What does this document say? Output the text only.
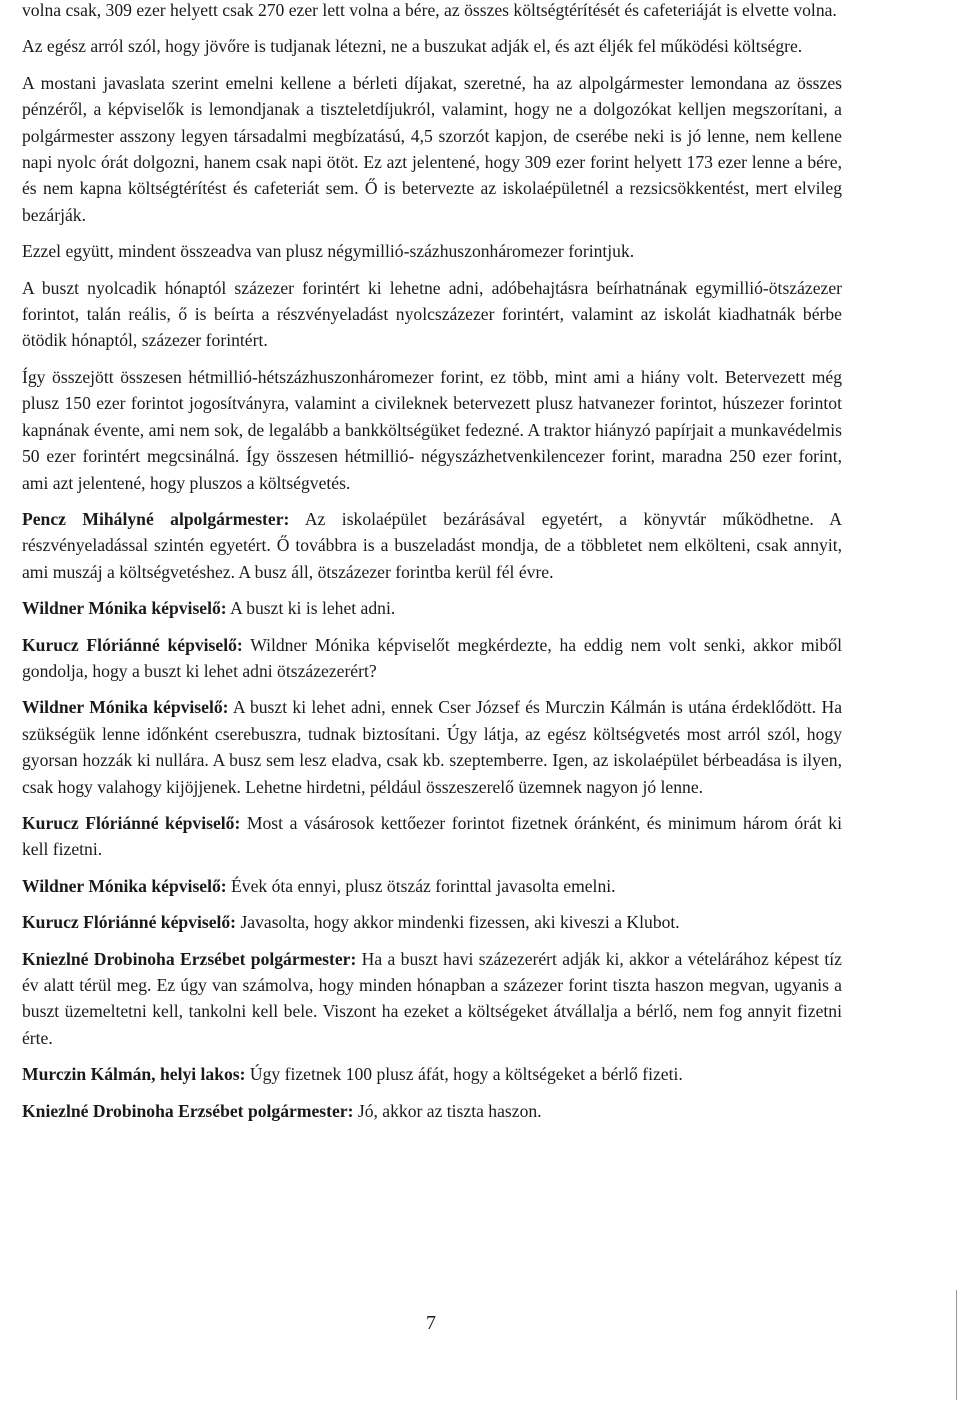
volna csak, 309 ezer helyett csak 270 ezer lett volna a bére, az összes költségtérítését és cafeteriáját is elvette volna.

Az egész arról szól, hogy jövőre is tudjanak létezni, ne a buszukat adják el, és azt éljék fel működési költségre.

A mostani javaslata szerint emelni kellene a bérleti díjakat, szeretné, ha az alpolgármester lemondana az összes pénzéről, a képviselők is lemondjanak a tiszteletdíjukról, valamint, hogy ne a dolgozókat kelljen megszorítani, a polgármester asszony legyen társadalmi megbízatású, 4,5 szorzót kapjon, de cserébe neki is jó lenne, nem kellene napi nyolc órát dolgozni, hanem csak napi ötöt. Ez azt jelentené, hogy 309 ezer forint helyett 173 ezer lenne a bére, és nem kapna költségtérítést és cafeteriát sem. Ő is betervezte az iskolaépületnél a rezsicsökkentést, mert elvileg bezárják.

Ezzel együtt, mindent összeadva van plusz négymillió-százhuszonháromezer forintjuk.

A buszt nyolcadik hónaptól százezer forintért ki lehetne adni, adóbehajtásra beírhatnának egymillió-ötszázezer forintot, talán reális, ő is beírta a részvényeladást nyolcszázezer forintért, valamint az iskolát kiadhatnák bérbe ötödik hónaptól, százezer forintért.

Így összejött összesen hétmillió-hétszázhuszonháromezer forint, ez több, mint ami a hiány volt. Betervezett még plusz 150 ezer forintot jogosítványra, valamint a civileknek betervezett plusz hatvanezer forintot, húszezer forintot kapnának évente, ami nem sok, de legalább a bankköltségüket fedezné. A traktor hiányzó papírjait a munkavédelmis 50 ezer forintért megcsinálná. Így összesen hétmillió- négyszázhetvenkilencezer forint, maradna 250 ezer forint, ami azt jelentené, hogy pluszos a költségvetés.

Pencz Mihályné alpolgármester: Az iskolaépület bezárásával egyetért, a könyvtár működhetne. A részvényeladással szintén egyetért. Ő továbbra is a buszeladást mondja, de a többletet nem elkölteni, csak annyit, ami muszáj a költségvetéshez. A busz áll, ötszázezer forintba kerül fél évre.

Wildner Mónika képviselő: A buszt ki is lehet adni.

Kurucz Flóriánné képviselő: Wildner Mónika képviselőt megkérdezte, ha eddig nem volt senki, akkor miből gondolja, hogy a buszt ki lehet adni ötszázezerért?

Wildner Mónika képviselő: A buszt ki lehet adni, ennek Cser József és Murczin Kálmán is utána érdeklődött. Ha szükségük lenne időnként cserebuszra, tudnak biztosítani. Úgy látja, az egész költségvetés most arról szól, hogy gyorsan hozzák ki nullára. A busz sem lesz eladva, csak kb. szeptemberre. Igen, az iskolaépület bérbeadása is ilyen, csak hogy valahogy kijöjjenek. Lehetne hirdetni, például összeszerelő üzemnek nagyon jó lenne.

Kurucz Flóriánné képviselő: Most a vásárosok kettőezer forintot fizetnek óránként, és minimum három órát ki kell fizetni.

Wildner Mónika képviselő: Évek óta ennyi, plusz ötszáz forinttal javasolta emelni.

Kurucz Flóriánné képviselő: Javasolta, hogy akkor mindenki fizessen, aki kiveszi a Klubot.

Kniezlné Drobinoha Erzsébet polgármester: Ha a buszt havi százezerért adják ki, akkor a vételárához képest tíz év alatt térül meg. Ez úgy van számolva, hogy minden hónapban a százezer forint tiszta haszon megvan, ugyanis a buszt üzemeltetni kell, tankolni kell bele. Viszont ha ezeket a költségeket átvállalja a bérlő, nem fog annyit fizetni érte.

Murczin Kálmán, helyi lakos: Úgy fizetnek 100 plusz áfát, hogy a költségeket a bérlő fizeti.

Kniezlné Drobinoha Erzsébet polgármester: Jó, akkor az tiszta haszon.

7
